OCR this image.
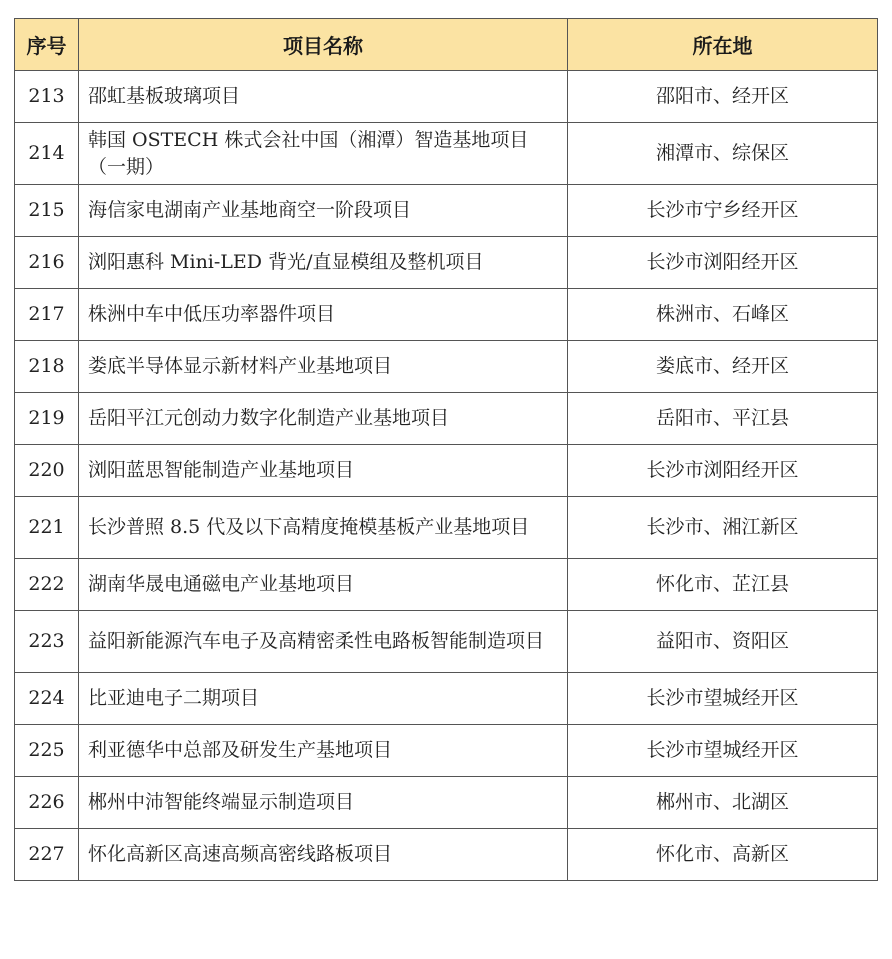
序号	项目名称	所在地
213	邵虹基板玻璃项目	邵阳市、经开区
214	韩国 OSTECH 株式会社中国（湘潭）智造基地项目（一期）	湘潭市、综保区
215	海信家电湖南产业基地商空一阶段项目	长沙市宁乡经开区
216	浏阳惠科 Mini-LED 背光/直显模组及整机项目	长沙市浏阳经开区
217	株洲中车中低压功率器件项目	株洲市、石峰区
218	娄底半导体显示新材料产业基地项目	娄底市、经开区
219	岳阳平江元创动力数字化制造产业基地项目	岳阳市、平江县
220	浏阳蓝思智能制造产业基地项目	长沙市浏阳经开区
221	长沙普照 8.5 代及以下高精度掩模基板产业基地项目	长沙市、湘江新区
222	湖南华晟电通磁电产业基地项目	怀化市、芷江县
223	益阳新能源汽车电子及高精密柔性电路板智能制造项目	益阳市、资阳区
224	比亚迪电子二期项目	长沙市望城经开区
225	利亚德华中总部及研发生产基地项目	长沙市望城经开区
226	郴州中沛智能终端显示制造项目	郴州市、北湖区
227	怀化高新区高速高频高密线路板项目	怀化市、高新区
